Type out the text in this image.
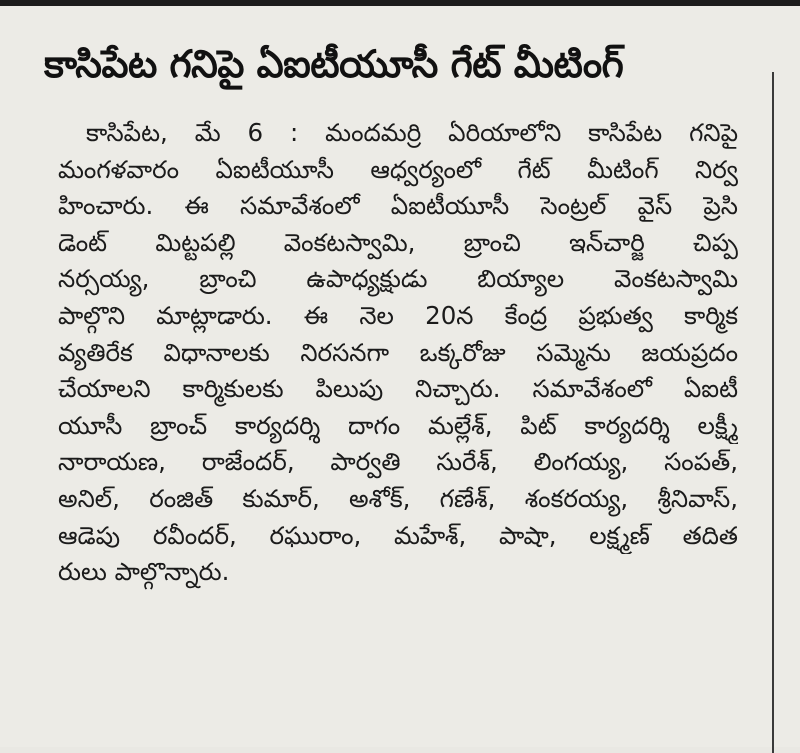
కాసిపేట గనిపై ఏఐటీయూసీ గేట్‌ మీటింగ్‌
కాసిపేట, మే 6 : మందమర్రి ఏరియాలోని కాసిపేట గనిపై
మంగళవారం ఏఐటీయూసీ ఆధ్వర్యంలో గేట్‌ మీటింగ్‌ నిర్వ
హించారు. ఈ సమావేశంలో ఏఐటీయూసీ సెంట్రల్‌ వైస్‌ ప్రెసి
డెంట్‌ మిట్టపల్లి వెంకటస్వామి, బ్రాంచి ఇన్‌చార్జి చిప్ప
నర్సయ్య, బ్రాంచి ఉపాధ్యక్షుడు బియ్యాల వెంకటస్వామి
పాల్గొని మాట్లాడారు. ఈ నెల 20న కేంద్ర ప్రభుత్వ కార్మిక
వ్యతిరేక విధానాలకు నిరసనగా ఒక్కరోజు సమ్మెను జయప్రదం
చేయాలని కార్మికులకు పిలుపు నిచ్చారు. సమావేశంలో ఏఐటీ
యూసీ బ్రాంచ్‌ కార్యదర్శి దాగం మల్లేశ్‌, పిట్‌ కార్యదర్శి లక్ష్మీ
నారాయణ, రాజేందర్‌, పార్వతి సురేశ్‌, లింగయ్య, సంపత్‌,
అనిల్‌, రంజిత్‌ కుమార్‌, అశోక్‌, గణేశ్‌, శంకరయ్య, శ్రీనివాస్‌,
ఆడెపు రవీందర్‌, రఘురాం, మహేశ్‌, పాషా, లక్ష్మణ్‌ తదిత
రులు పాల్గొన్నారు.
